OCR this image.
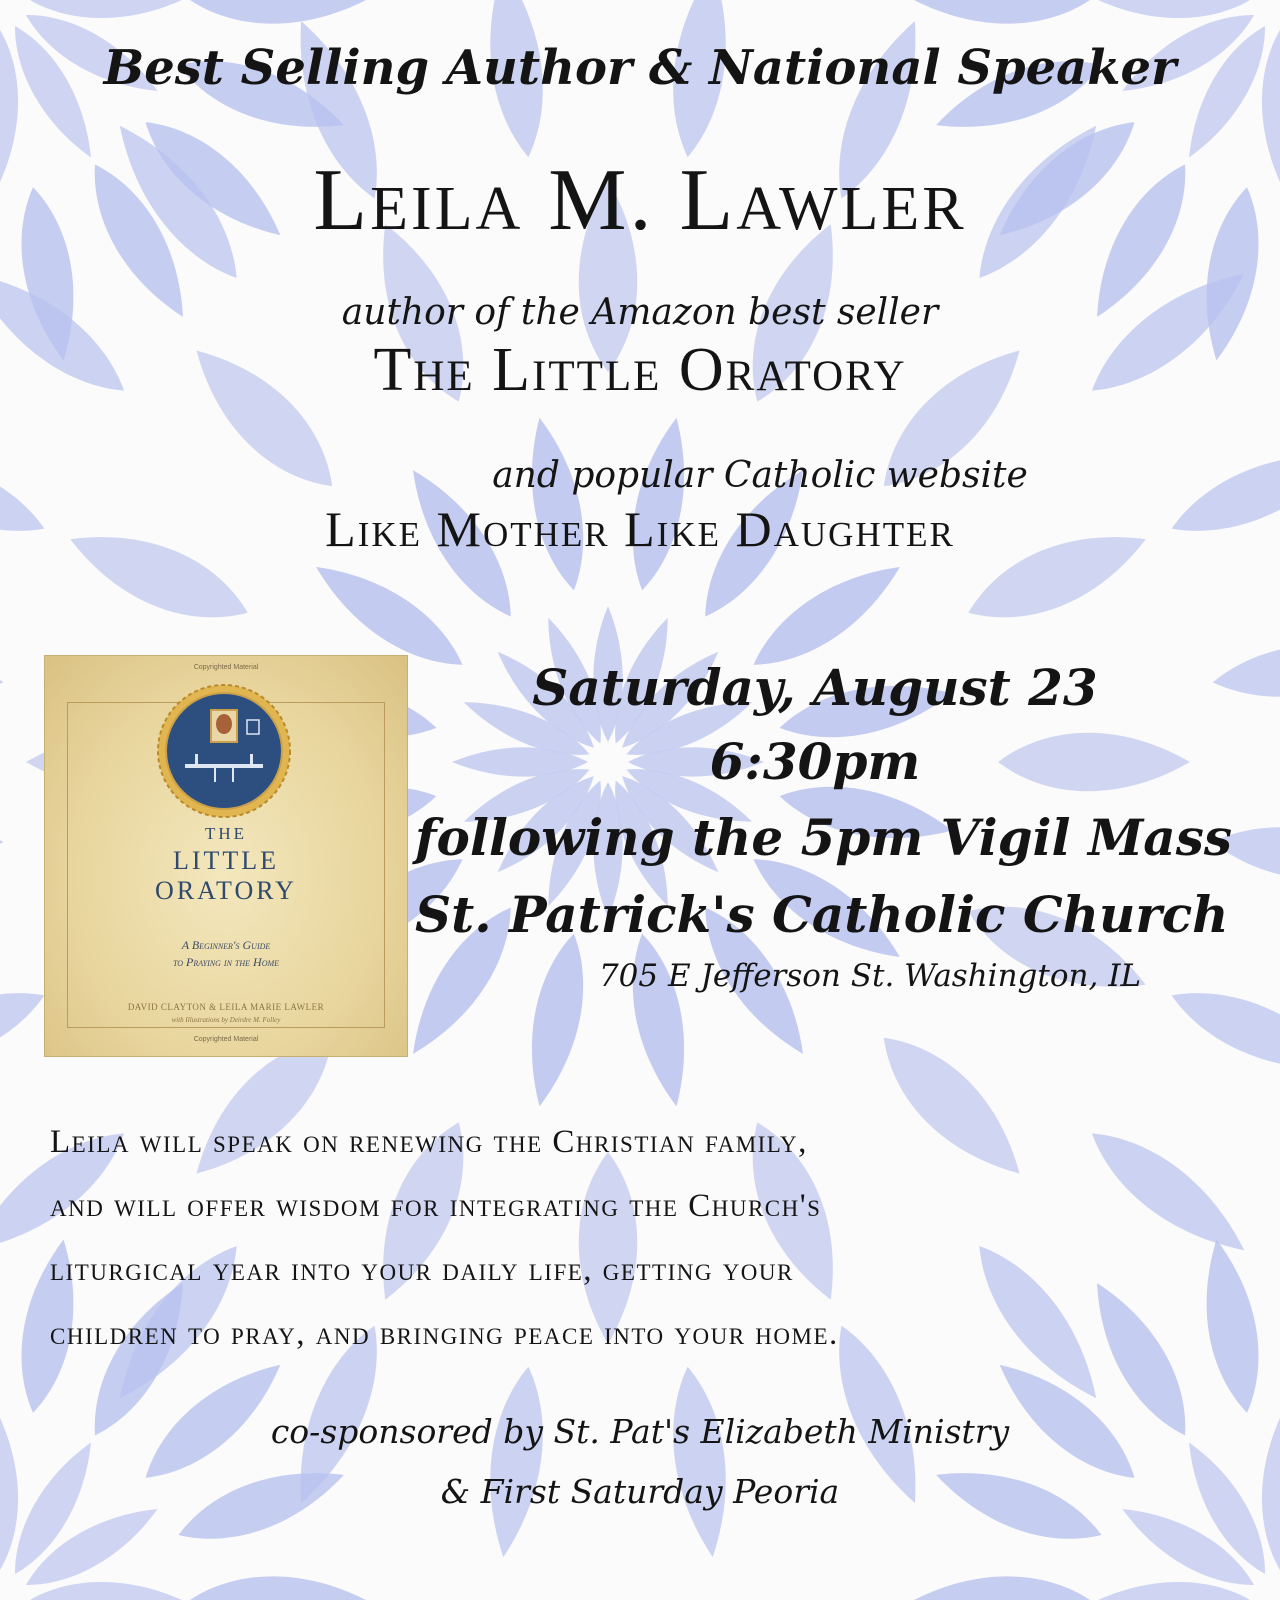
Best Selling Author & National Speaker
Leila M. Lawler
author of the Amazon best seller
The Little Oratory
and popular Catholic website
Like Mother Like Daughter
Saturday, August 23
6:30pm
following the 5pm Vigil Mass
St. Patrick's Catholic Church
705 E Jefferson St. Washington, IL
Leila will speak on renewing the Christian family,
and will offer wisdom for integrating the Church's
liturgical year into your daily life, getting your
children to pray, and bringing peace into your home.
co-sponsored by St. Pat's Elizabeth Ministry
& First Saturday Peoria
Copyrighted Material
THE
LITTLE
ORATORY
A Beginner's Guide
to Praying in the Home
DAVID CLAYTON & LEILA MARIE LAWLER
with Illustrations by Deirdre M. Folley
Copyrighted Material
